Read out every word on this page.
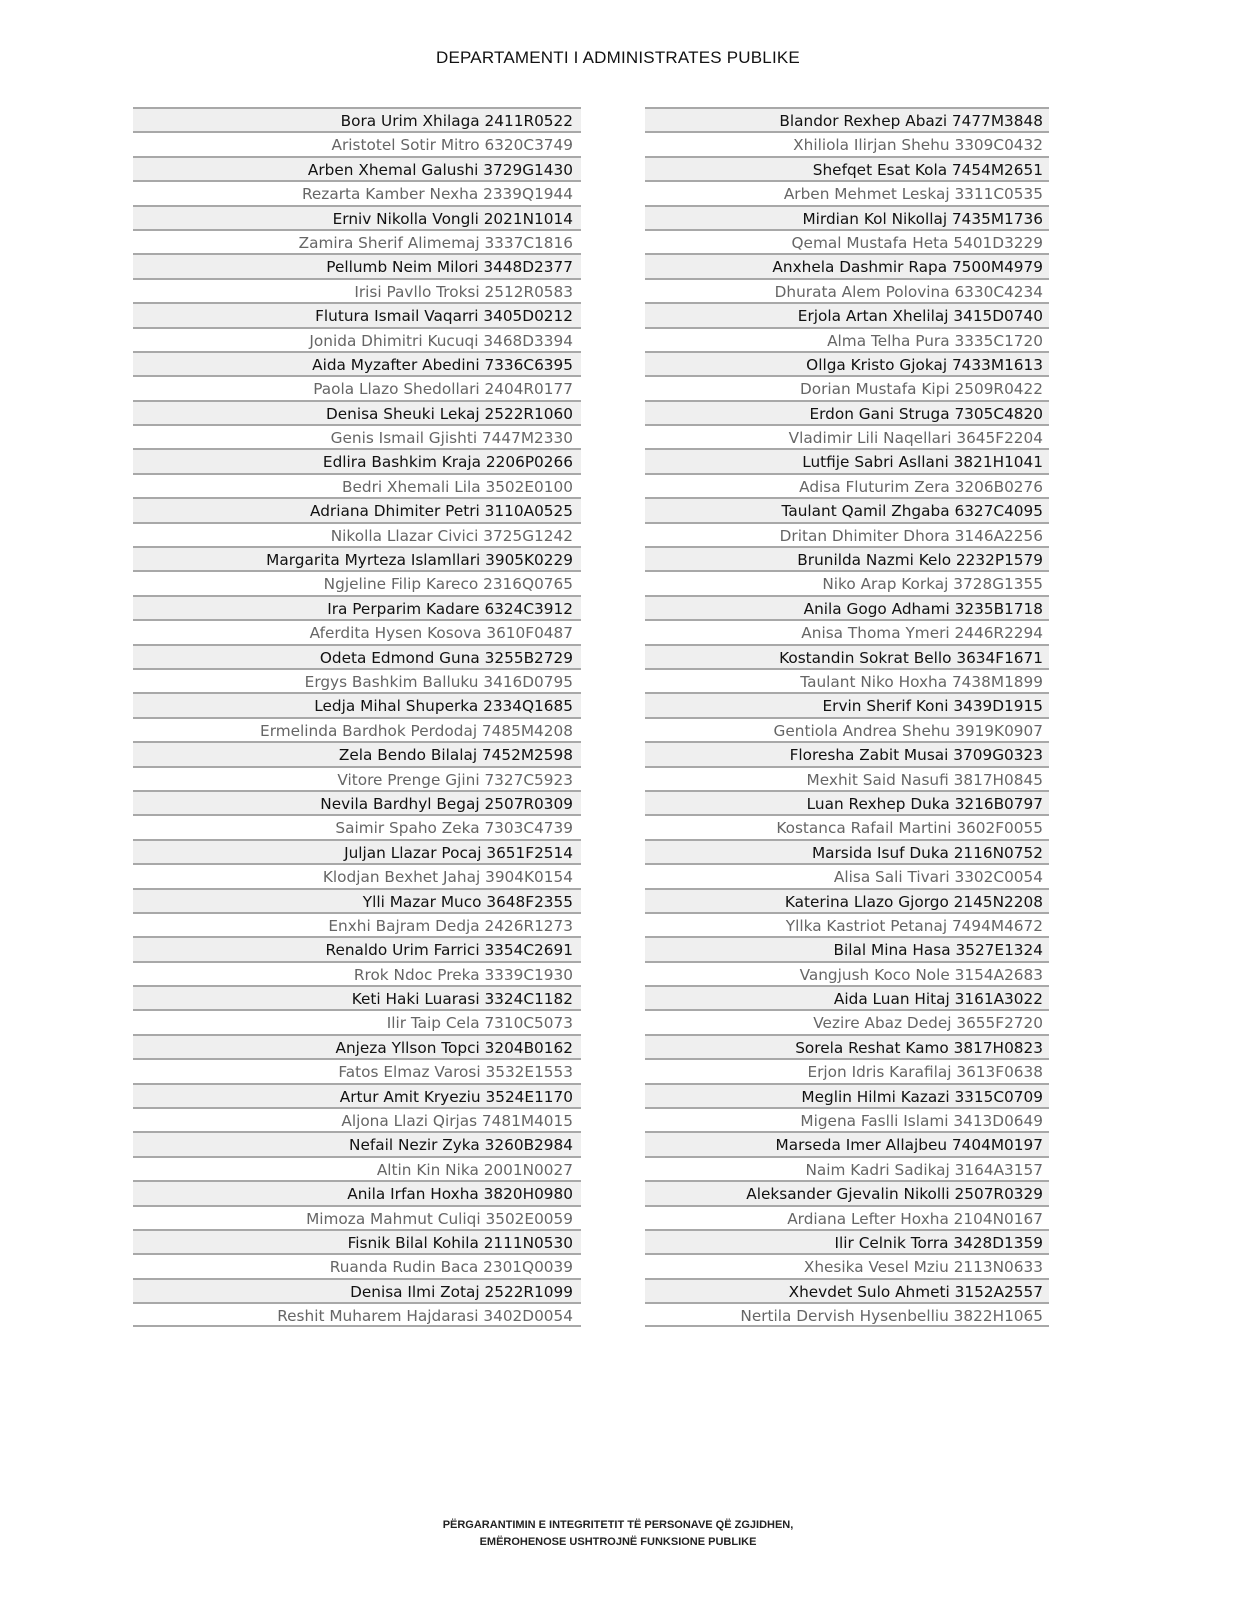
DEPARTAMENTI I ADMINISTRATES PUBLIKE
Bora Urim Xhilaga 2411R0522
Aristotel Sotir Mitro 6320C3749
Arben Xhemal Galushi 3729G1430
Rezarta Kamber Nexha 2339Q1944
Erniv Nikolla Vongli 2021N1014
Zamira Sherif Alimemaj 3337C1816
Pellumb Neim Milori 3448D2377
Irisi Pavllo Troksi 2512R0583
Flutura Ismail Vaqarri 3405D0212
Jonida Dhimitri Kucuqi 3468D3394
Aida Myzafter Abedini 7336C6395
Paola Llazo Shedollari 2404R0177
Denisa Sheuki Lekaj 2522R1060
Genis Ismail Gjishti 7447M2330
Edlira Bashkim Kraja 2206P0266
Bedri Xhemali Lila 3502E0100
Adriana Dhimiter Petri 3110A0525
Nikolla Llazar Civici 3725G1242
Margarita Myrteza Islamllari 3905K0229
Ngjeline Filip Kareco 2316Q0765
Ira Perparim Kadare 6324C3912
Aferdita Hysen Kosova 3610F0487
Odeta Edmond Guna 3255B2729
Ergys Bashkim Balluku 3416D0795
Ledja Mihal Shuperka 2334Q1685
Ermelinda Bardhok Perdodaj 7485M4208
Zela Bendo Bilalaj 7452M2598
Vitore Prenge Gjini 7327C5923
Nevila Bardhyl Begaj 2507R0309
Saimir Spaho Zeka 7303C4739
Juljan Llazar Pocaj 3651F2514
Klodjan Bexhet Jahaj 3904K0154
Ylli Mazar Muco 3648F2355
Enxhi Bajram Dedja 2426R1273
Renaldo Urim Farrici 3354C2691
Rrok Ndoc Preka 3339C1930
Keti Haki Luarasi 3324C1182
Ilir Taip Cela 7310C5073
Anjeza Yllson Topci 3204B0162
Fatos Elmaz Varosi 3532E1553
Artur Amit Kryeziu 3524E1170
Aljona Llazi Qirjas 7481M4015
Nefail Nezir Zyka 3260B2984
Altin Kin Nika 2001N0027
Anila Irfan Hoxha 3820H0980
Mimoza Mahmut Culiqi 3502E0059
Fisnik Bilal Kohila 2111N0530
Ruanda Rudin Baca 2301Q0039
Denisa Ilmi Zotaj 2522R1099
Reshit Muharem Hajdarasi 3402D0054
Blandor Rexhep Abazi 7477M3848
Xhiliola Ilirjan Shehu 3309C0432
Shefqet Esat Kola 7454M2651
Arben Mehmet Leskaj 3311C0535
Mirdian Kol Nikollaj 7435M1736
Qemal Mustafa Heta 5401D3229
Anxhela Dashmir Rapa 7500M4979
Dhurata Alem Polovina 6330C4234
Erjola Artan Xhelilaj 3415D0740
Alma Telha Pura 3335C1720
Ollga Kristo Gjokaj 7433M1613
Dorian Mustafa Kipi 2509R0422
Erdon Gani Struga 7305C4820
Vladimir Lili Naqellari 3645F2204
Lutfije Sabri Asllani 3821H1041
Adisa Fluturim Zera 3206B0276
Taulant Qamil Zhgaba 6327C4095
Dritan Dhimiter Dhora 3146A2256
Brunilda Nazmi Kelo 2232P1579
Niko Arap Korkaj 3728G1355
Anila Gogo Adhami 3235B1718
Anisa Thoma Ymeri 2446R2294
Kostandin Sokrat Bello 3634F1671
Taulant Niko Hoxha 7438M1899
Ervin Sherif Koni 3439D1915
Gentiola Andrea Shehu 3919K0907
Floresha Zabit Musai 3709G0323
Mexhit Said Nasufi 3817H0845
Luan Rexhep Duka 3216B0797
Kostanca Rafail Martini 3602F0055
Marsida Isuf Duka 2116N0752
Alisa Sali Tivari 3302C0054
Katerina Llazo Gjorgo 2145N2208
Yllka Kastriot Petanaj 7494M4672
Bilal Mina Hasa 3527E1324
Vangjush Koco Nole 3154A2683
Aida Luan Hitaj 3161A3022
Vezire Abaz Dedej 3655F2720
Sorela Reshat Kamo 3817H0823
Erjon Idris Karafilaj 3613F0638
Meglin Hilmi Kazazi 3315C0709
Migena Faslli Islami 3413D0649
Marseda Imer Allajbeu 7404M0197
Naim Kadri Sadikaj 3164A3157
Aleksander Gjevalin Nikolli 2507R0329
Ardiana Lefter Hoxha 2104N0167
Ilir Celnik Torra 3428D1359
Xhesika Vesel Mziu 2113N0633
Xhevdet Sulo Ahmeti 3152A2557
Nertila Dervish Hysenbelliu 3822H1065
PËRGARANTIMIN E INTEGRITETIT TË PERSONAVE QË ZGJIDHEN,
EMËROHENOSE USHTROJNË FUNKSIONE PUBLIKE
